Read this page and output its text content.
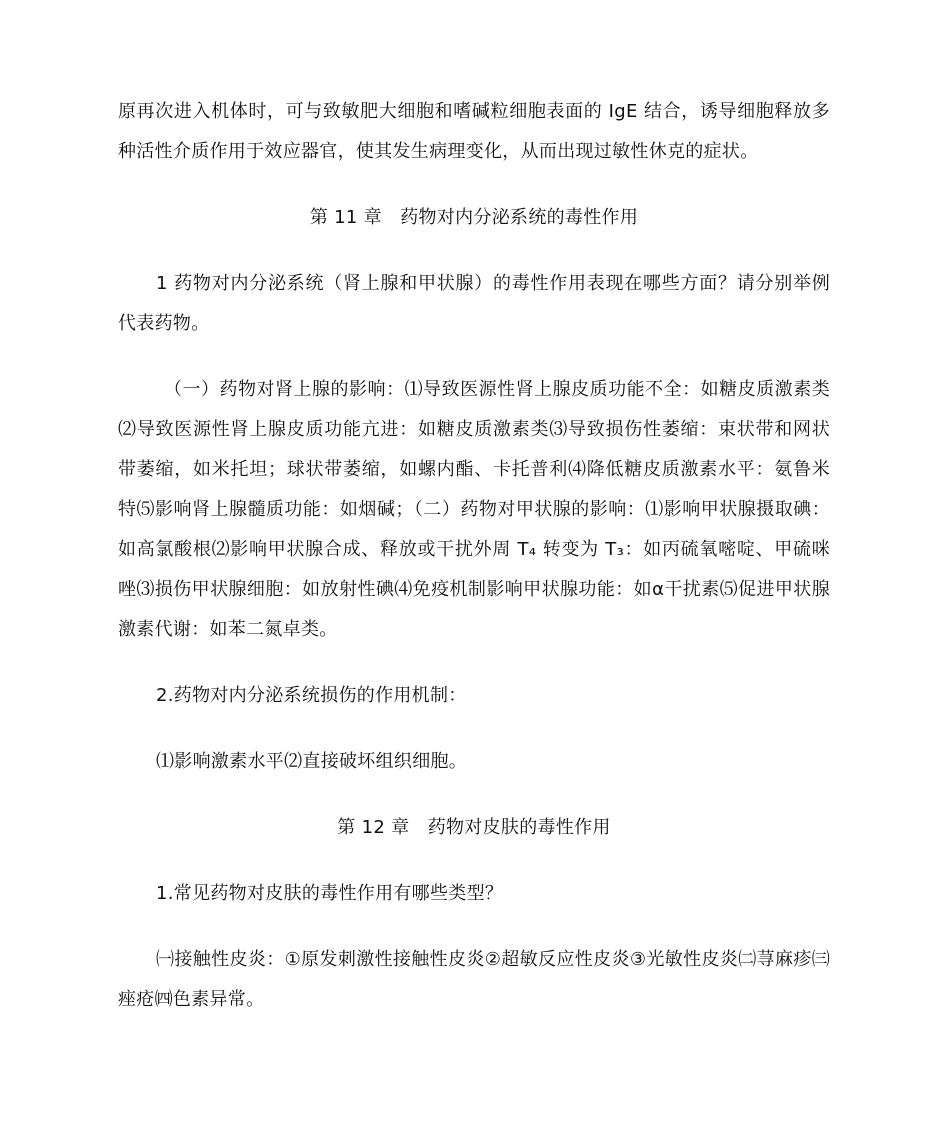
原再次进入机体时，可与致敏肥大细胞和嗜碱粒细胞表面的 IgE 结合，诱导细胞释放多种活性介质作用于效应器官，使其发生病理变化，从而出现过敏性休克的症状。

第 11 章　药物对内分泌系统的毒性作用

1 药物对内分泌系统（肾上腺和甲状腺）的毒性作用表现在哪些方面？请分别举例代表药物。

（一）药物对肾上腺的影响：⑴导致医源性肾上腺皮质功能不全：如糖皮质激素类⑵导致医源性肾上腺皮质功能亢进：如糖皮质激素类⑶导致损伤性萎缩：束状带和网状带萎缩，如米托坦；球状带萎缩，如螺内酯、卡托普利⑷降低糖皮质激素水平：氨鲁米特⑸影响肾上腺髓质功能：如烟碱；（二）药物对甲状腺的影响：⑴影响甲状腺摄取碘：如高氯酸根⑵影响甲状腺合成、释放或干扰外周 T₄ 转变为 T₃：如丙硫氧嘧啶、甲硫咪唑⑶损伤甲状腺细胞：如放射性碘⑷免疫机制影响甲状腺功能：如α干扰素⑸促进甲状腺激素代谢：如苯二氮卓类。

2.药物对内分泌系统损伤的作用机制：

⑴影响激素水平⑵直接破坏组织细胞。

第 12 章　药物对皮肤的毒性作用

1.常见药物对皮肤的毒性作用有哪些类型？

㈠接触性皮炎：①原发刺激性接触性皮炎②超敏反应性皮炎③光敏性皮炎㈡荨麻疹㈢痤疮㈣色素异常。
